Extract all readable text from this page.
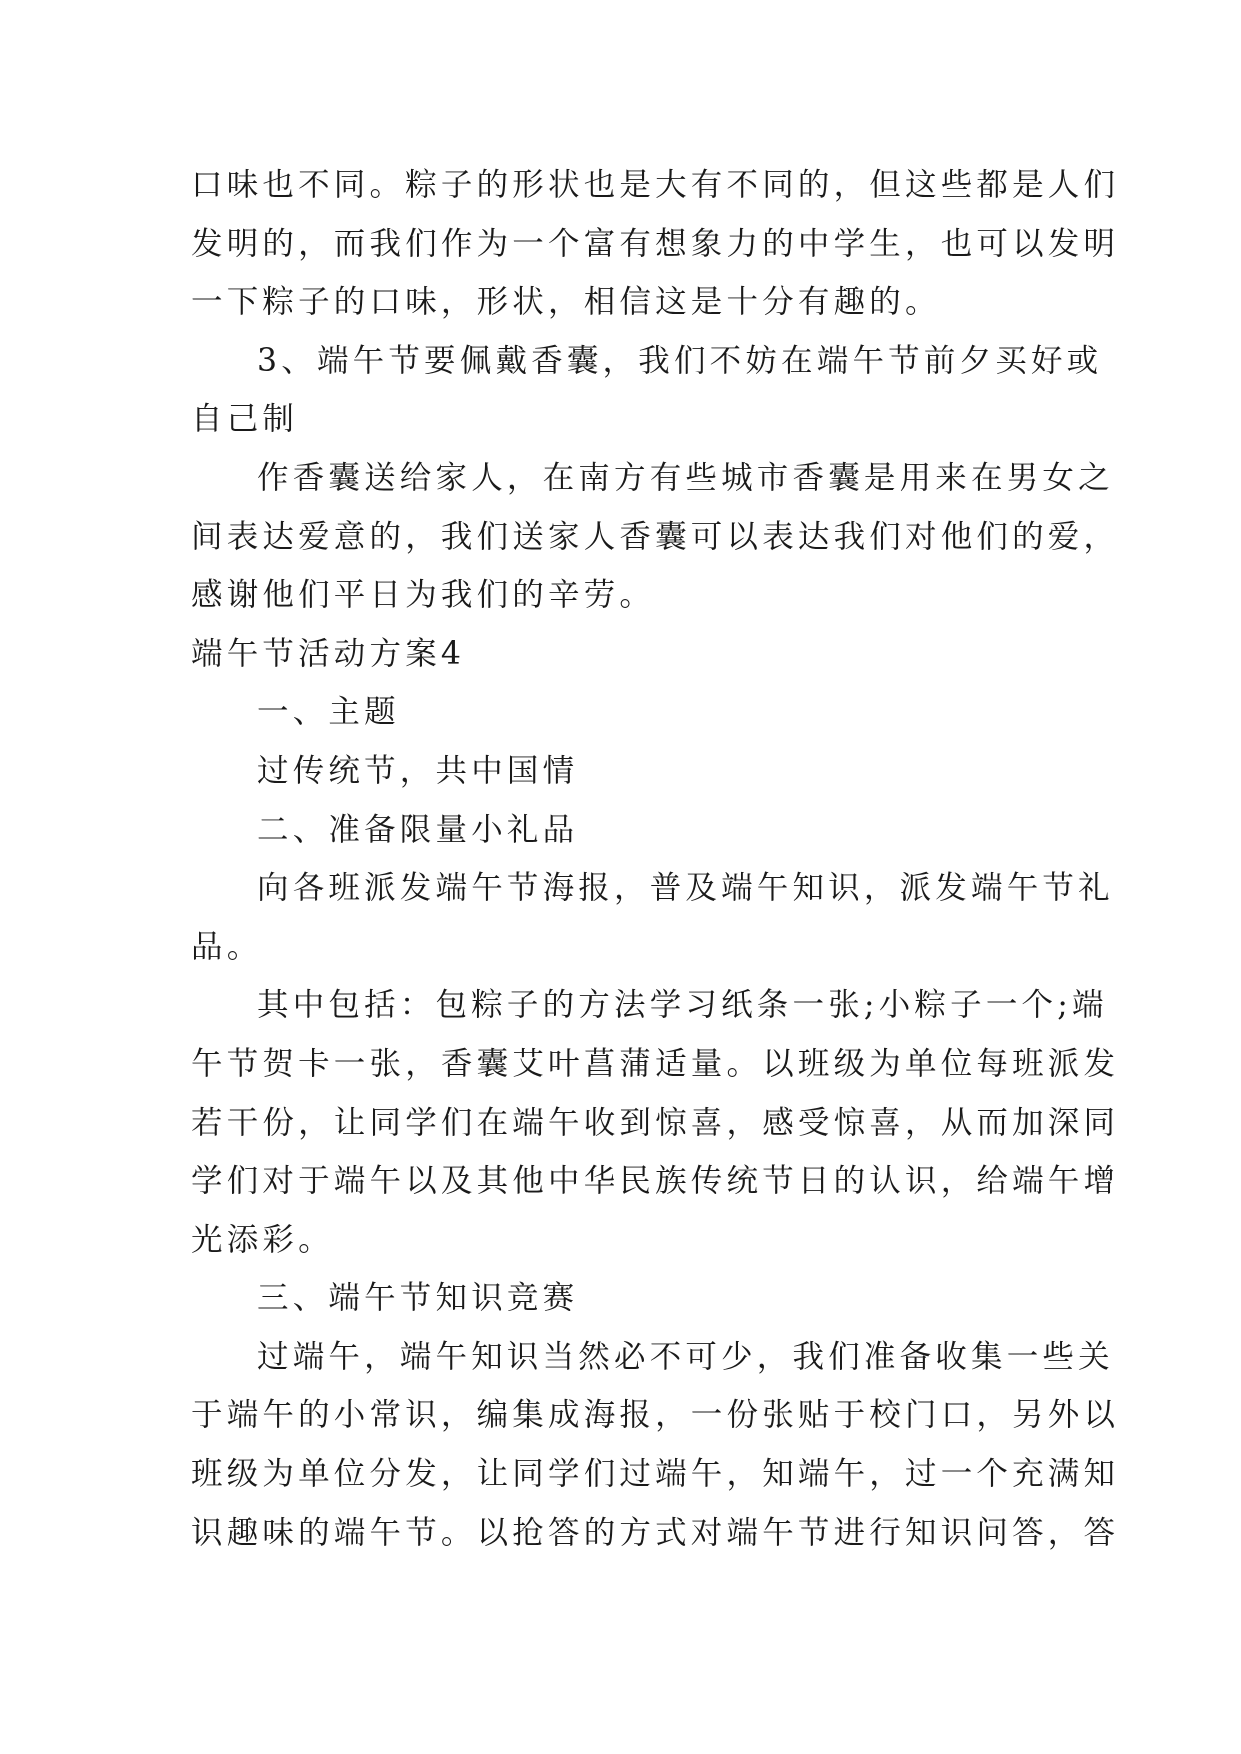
口味也不同。粽子的形状也是大有不同的，但这些都是人们
发明的，而我们作为一个富有想象力的中学生，也可以发明
一下粽子的口味，形状，相信这是十分有趣的。
3、端午节要佩戴香囊，我们不妨在端午节前夕买好或
自己制
作香囊送给家人，在南方有些城市香囊是用来在男女之
间表达爱意的，我们送家人香囊可以表达我们对他们的爱，
感谢他们平日为我们的辛劳。
端午节活动方案4
一、主题
过传统节，共中国情
二、准备限量小礼品
向各班派发端午节海报，普及端午知识，派发端午节礼
品。
其中包括：包粽子的方法学习纸条一张;小粽子一个;端
午节贺卡一张，香囊艾叶菖蒲适量。以班级为单位每班派发
若干份，让同学们在端午收到惊喜，感受惊喜，从而加深同
学们对于端午以及其他中华民族传统节日的认识，给端午增
光添彩。
三、端午节知识竞赛
过端午，端午知识当然必不可少，我们准备收集一些关
于端午的小常识，编集成海报，一份张贴于校门口，另外以
班级为单位分发，让同学们过端午，知端午，过一个充满知
识趣味的端午节。以抢答的方式对端午节进行知识问答，答
